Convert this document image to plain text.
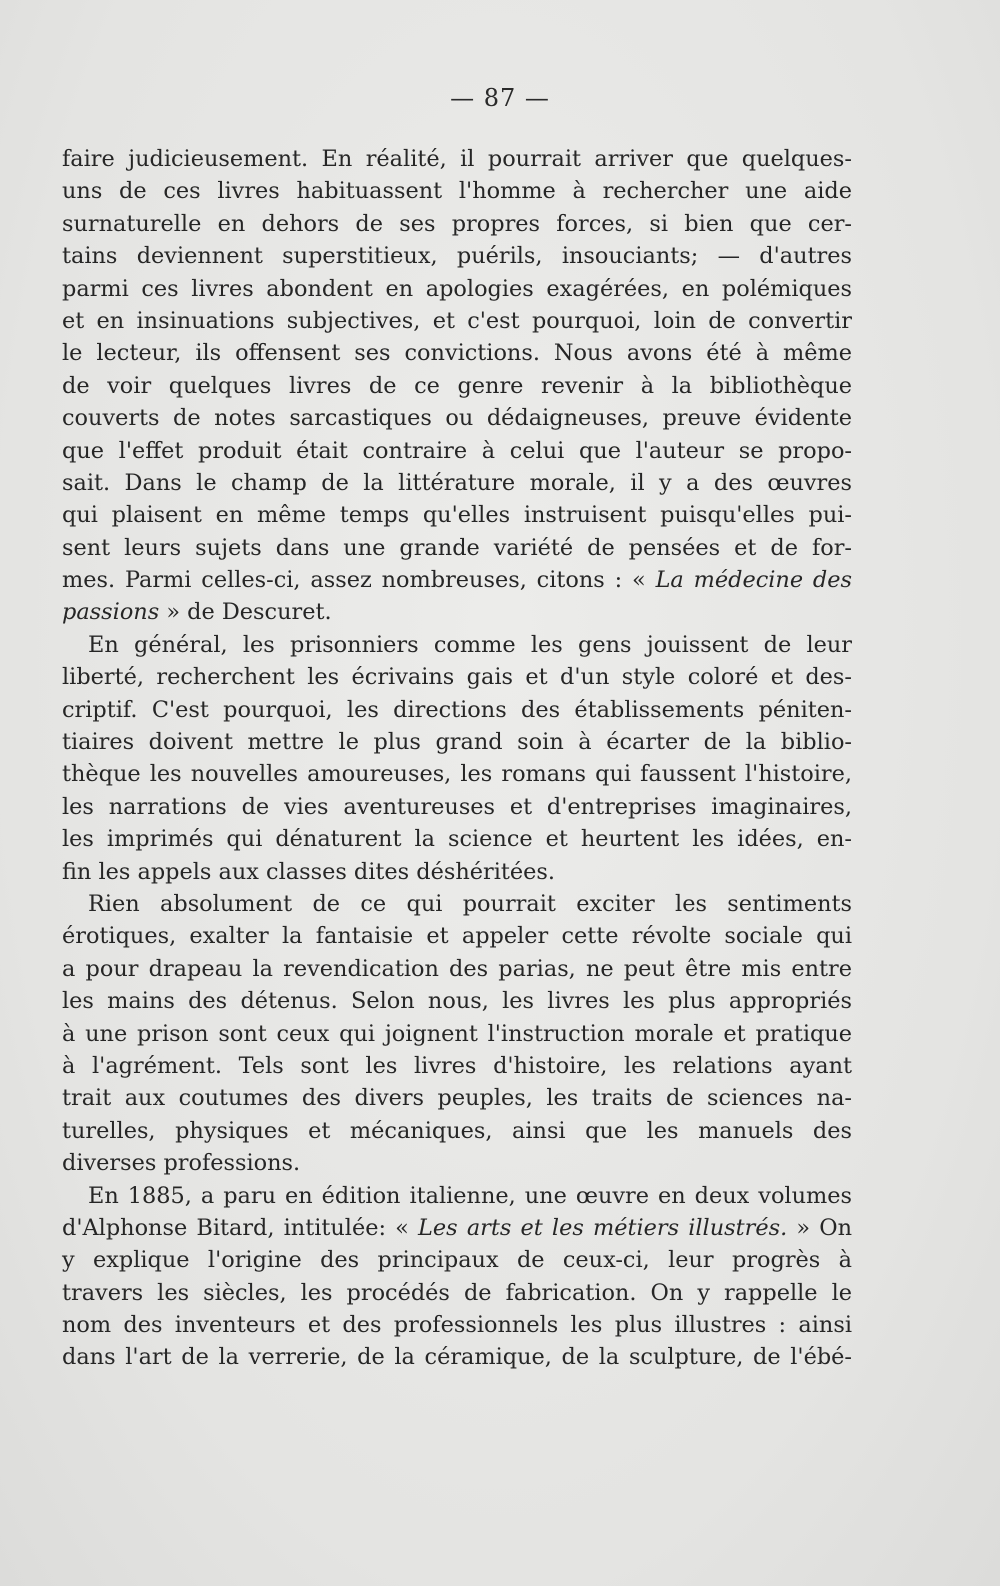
— 87 —
faire judicieusement. En réalité, il pourrait arriver que quelques-
uns de ces livres habituassent l'homme à rechercher une aide
surnaturelle en dehors de ses propres forces, si bien que cer-
tains deviennent superstitieux, puérils, insouciants; — d'autres
parmi ces livres abondent en apologies exagérées, en polémiques
et en insinuations subjectives, et c'est pourquoi, loin de convertir
le lecteur, ils offensent ses convictions. Nous avons été à même
de voir quelques livres de ce genre revenir à la bibliothèque
couverts de notes sarcastiques ou dédaigneuses, preuve évidente
que l'effet produit était contraire à celui que l'auteur se propo-
sait. Dans le champ de la littérature morale, il y a des œuvres
qui plaisent en même temps qu'elles instruisent puisqu'elles pui-
sent leurs sujets dans une grande variété de pensées et de for-
mes. Parmi celles-ci, assez nombreuses, citons : « La médecine des
passions » de Descuret.
En général, les prisonniers comme les gens jouissent de leur
liberté, recherchent les écrivains gais et d'un style coloré et des-
criptif. C'est pourquoi, les directions des établissements péniten-
tiaires doivent mettre le plus grand soin à écarter de la biblio-
thèque les nouvelles amoureuses, les romans qui faussent l'histoire,
les narrations de vies aventureuses et d'entreprises imaginaires,
les imprimés qui dénaturent la science et heurtent les idées, en-
fin les appels aux classes dites déshéritées.
Rien absolument de ce qui pourrait exciter les sentiments
érotiques, exalter la fantaisie et appeler cette révolte sociale qui
a pour drapeau la revendication des parias, ne peut être mis entre
les mains des détenus. Selon nous, les livres les plus appropriés
à une prison sont ceux qui joignent l'instruction morale et pratique
à l'agrément. Tels sont les livres d'histoire, les relations ayant
trait aux coutumes des divers peuples, les traits de sciences na-
turelles, physiques et mécaniques, ainsi que les manuels des
diverses professions.
En 1885, a paru en édition italienne, une œuvre en deux volumes
d'Alphonse Bitard, intitulée: « Les arts et les métiers illustrés. » On
y explique l'origine des principaux de ceux-ci, leur progrès à
travers les siècles, les procédés de fabrication. On y rappelle le
nom des inventeurs et des professionnels les plus illustres : ainsi
dans l'art de la verrerie, de la céramique, de la sculpture, de l'ébé-
